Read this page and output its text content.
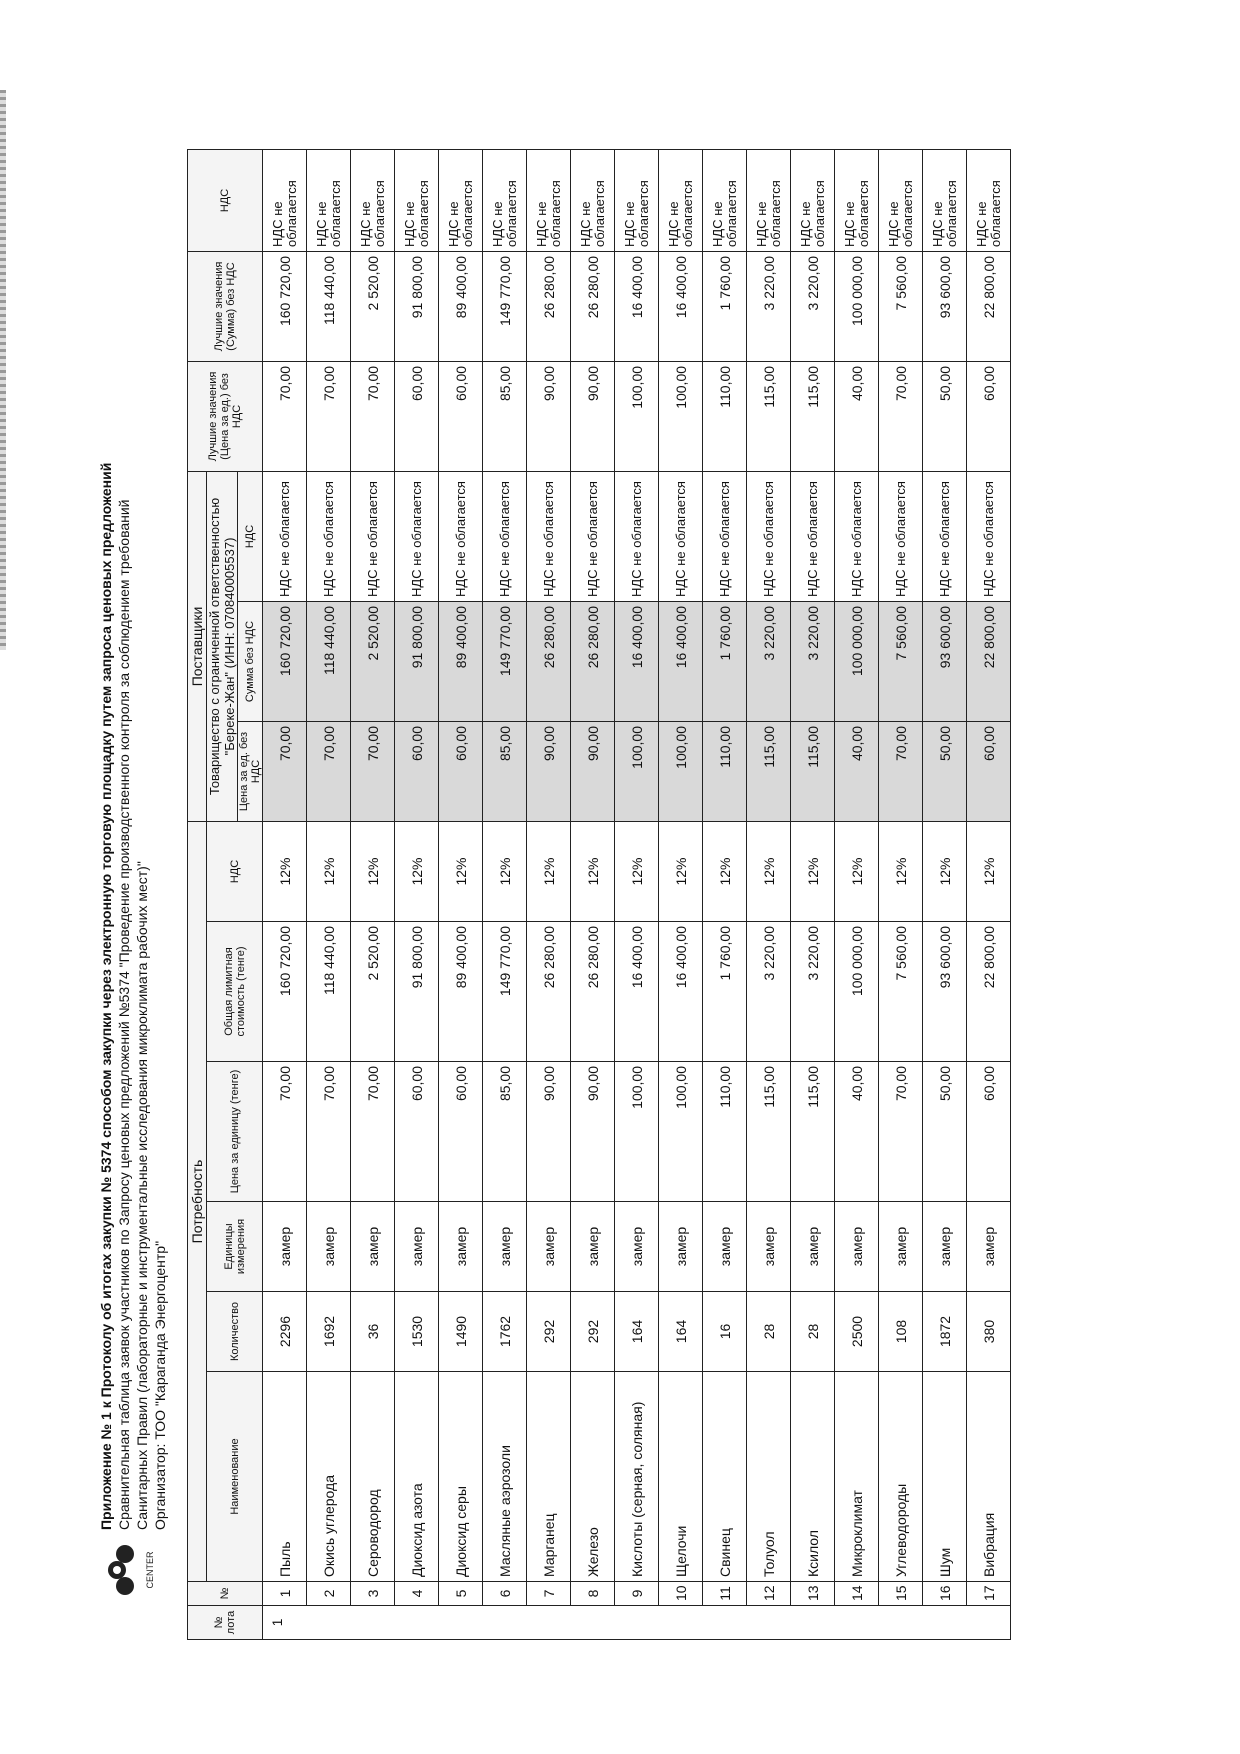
CENTER
Приложение № 1 к Протоколу об итогах закупки № 5374 способом закупки через электронную торговую площадку путем запроса ценовых предложений Сравнительная таблица заявок участников по Запросу ценовых предложений №5374 "Проведение производственного контроля за соблюдением требований Санитарных Правил (лабораторные и инструментальные исследования микроклимата рабочих мест)" Организатор: ТОО "Караганда Энергоцентр"
№ лота	№	Потребность						Поставщики			Лучшие значения (Цена за ед.) без НДС	Лучшие значения (Сумма) без НДС	НДС
		Наименование	Количество	Единицы измерения	Цена за единицу (тенге)	Общая лимитная стоимость (тенге)	НДС	Товарищество с ограниченной ответственностью "Береке-Жан" (ИНН: 070840005537)					
								Цена за ед. без НДС	Сумма без НДС	НДС			
1	1	Пыль	2296	замер	70,00	160 720,00	12%	70,00	160 720,00	НДС не облагается	70,00	160 720,00	НДС не облагается
	2	Окись углерода	1692	замер	70,00	118 440,00	12%	70,00	118 440,00	НДС не облагается	70,00	118 440,00	НДС не облагается
	3	Сероводород	36	замер	70,00	2 520,00	12%	70,00	2 520,00	НДС не облагается	70,00	2 520,00	НДС не облагается
	4	Диоксид азота	1530	замер	60,00	91 800,00	12%	60,00	91 800,00	НДС не облагается	60,00	91 800,00	НДС не облагается
	5	Диоксид серы	1490	замер	60,00	89 400,00	12%	60,00	89 400,00	НДС не облагается	60,00	89 400,00	НДС не облагается
	6	Масляные аэрозоли	1762	замер	85,00	149 770,00	12%	85,00	149 770,00	НДС не облагается	85,00	149 770,00	НДС не облагается
	7	Марганец	292	замер	90,00	26 280,00	12%	90,00	26 280,00	НДС не облагается	90,00	26 280,00	НДС не облагается
	8	Железо	292	замер	90,00	26 280,00	12%	90,00	26 280,00	НДС не облагается	90,00	26 280,00	НДС не облагается
	9	Кислоты (серная, соляная)	164	замер	100,00	16 400,00	12%	100,00	16 400,00	НДС не облагается	100,00	16 400,00	НДС не облагается
	10	Щелочи	164	замер	100,00	16 400,00	12%	100,00	16 400,00	НДС не облагается	100,00	16 400,00	НДС не облагается
	11	Свинец	16	замер	110,00	1 760,00	12%	110,00	1 760,00	НДС не облагается	110,00	1 760,00	НДС не облагается
	12	Толуол	28	замер	115,00	3 220,00	12%	115,00	3 220,00	НДС не облагается	115,00	3 220,00	НДС не облагается
	13	Ксилол	28	замер	115,00	3 220,00	12%	115,00	3 220,00	НДС не облагается	115,00	3 220,00	НДС не облагается
	14	Микроклимат	2500	замер	40,00	100 000,00	12%	40,00	100 000,00	НДС не облагается	40,00	100 000,00	НДС не облагается
	15	Углеводороды	108	замер	70,00	7 560,00	12%	70,00	7 560,00	НДС не облагается	70,00	7 560,00	НДС не облагается
	16	Шум	1872	замер	50,00	93 600,00	12%	50,00	93 600,00	НДС не облагается	50,00	93 600,00	НДС не облагается
	17	Вибрация	380	замер	60,00	22 800,00	12%	60,00	22 800,00	НДС не облагается	60,00	22 800,00	НДС не облагается
